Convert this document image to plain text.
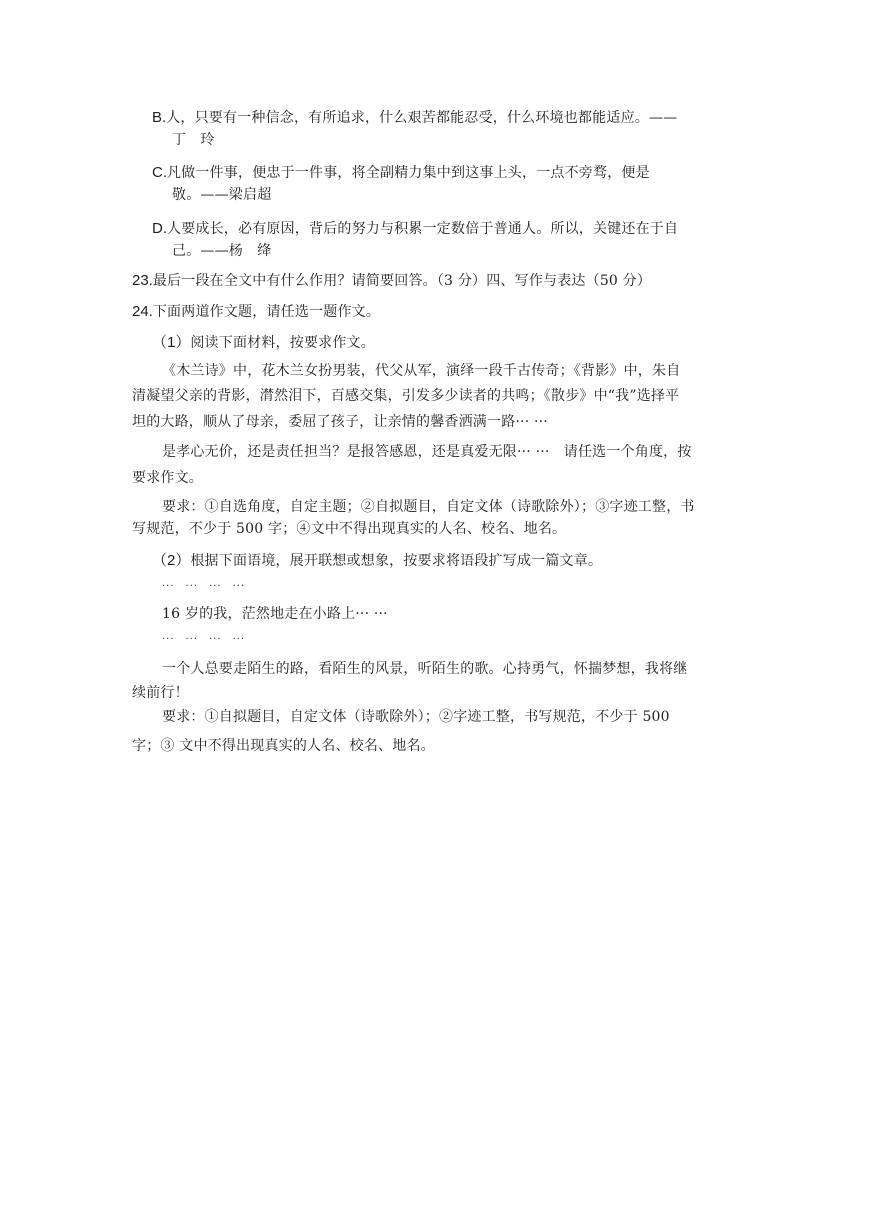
B.人，只要有一种信念，有所追求，什么艰苦都能忍受，什么环境也都能适应。——
丁　玲
C.凡做一件事，便忠于一件事，将全副精力集中到这事上头，一点不旁骛，便是
敬。——梁启超
D.人要成长，必有原因，背后的努力与积累一定数倍于普通人。所以，关键还在于自
己。——杨　绛
23.最后一段在全文中有什么作用？请简要回答。（3 分）四、写作与表达（50 分）
24.下面两道作文题，请任选一题作文。
（1）阅读下面材料，按要求作文。
《木兰诗》中，花木兰女扮男装，代父从军，演绎一段千古传奇；《背影》中，朱自
清凝望父亲的背影，潸然泪下，百感交集，引发多少读者的共鸣；《散步》中“我”选择平
坦的大路，顺从了母亲，委屈了孩子，让亲情的馨香洒满一路··· ···
是孝心无价，还是责任担当？是报答感恩，还是真爱无限··· ···　请任选一个角度，按
要求作文。
要求：①自选角度，自定主题；②自拟题目，自定文体（诗歌除外）；③字迹工整，书
写规范，不少于 500 字；④文中不得出现真实的人名、校名、地名。
（2）根据下面语境，展开联想或想象，按要求将语段扩写成一篇文章。
···　···　···　···
16 岁的我，茫然地走在小路上··· ···
···　···　···　···
一个人总要走陌生的路，看陌生的风景，听陌生的歌。心持勇气，怀揣梦想，我将继
续前行！
要求：①自拟题目，自定文体（诗歌除外）；②字迹工整，书写规范，不少于 500
字；③ 文中不得出现真实的人名、校名、地名。
